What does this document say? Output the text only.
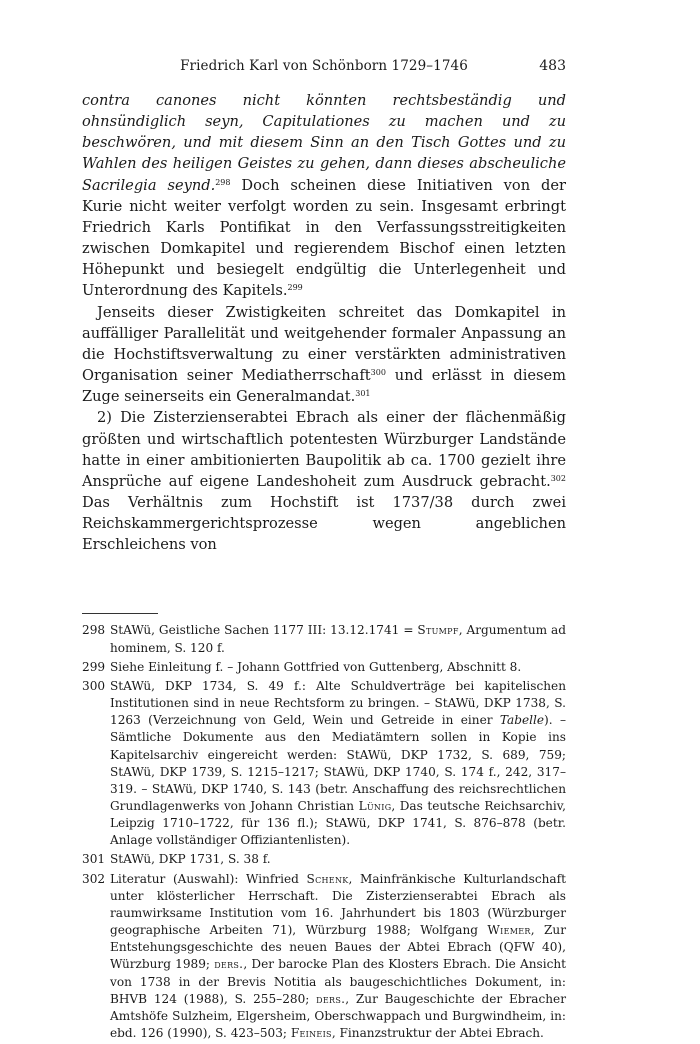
Friedrich Karl von Schönborn 1729–1746	483

contra canones nicht könnten rechtsbeständig und ohnsündiglich seyn, Capitulationes zu machen und zu beschwören, und mit diesem Sinn an den Tisch Gottes und zu Wahlen des heiligen Geistes zu gehen, dann dieses abscheuliche Sacrilegia seynd.$^{298}$ Doch scheinen diese Initiativen von der Kurie nicht weiter verfolgt worden zu sein. Insgesamt erbringt Friedrich Karls Pontifikat in den Verfassungsstreitigkeiten zwischen Domkapitel und regierendem Bischof einen letzten Höhepunkt und besiegelt endgültig die Unterlegenheit und Unterordnung des Kapitels.$^{299}$

Jenseits dieser Zwistigkeiten schreitet das Domkapitel in auffälliger Parallelität und weitgehender formaler Anpassung an die Hochstiftsverwaltung zu einer verstärkten administrativen Organisation seiner Mediatherrschaft$^{300}$ und erlässt in diesem Zuge seinerseits ein Generalmandat.$^{301}$

2) Die Zisterzienserabtei Ebrach als einer der flächenmäßig größten und wirtschaftlich potentesten Würzburger Landstände hatte in einer ambitionierten Baupolitik ab ca. 1700 gezielt ihre Ansprüche auf eigene Landeshoheit zum Ausdruck gebracht.$^{302}$ Das Verhältnis zum Hochstift ist 1737/38 durch zwei Reichskammergerichtsprozesse wegen angeblichen Erschleichens von

298 StAWü, Geistliche Sachen 1177 III: 13.12.1741 = Stumpf, Argumentum ad hominem, S. 120 f.
299 Siehe Einleitung f. – Johann Gottfried von Guttenberg, Abschnitt 8.
300 StAWü, DKP 1734, S. 49 f.: Alte Schuldverträge bei kapitelischen Institutionen sind in neue Rechtsform zu bringen. – StAWü, DKP 1738, S. 1263 (Verzeichnung von Geld, Wein und Getreide in einer Tabelle). – Sämtliche Dokumente aus den Mediatämtern sollen in Kopie ins Kapitelsarchiv eingereicht werden: StAWü, DKP 1732, S. 689, 759; StAWü, DKP 1739, S. 1215–1217; StAWü, DKP 1740, S. 174 f., 242, 317–319. – StAWü, DKP 1740, S. 143 (betr. Anschaffung des reichsrechtlichen Grundlagenwerks von Johann Christian Lünig, Das teutsche Reichsarchiv, Leipzig 1710–1722, für 136 fl.); StAWü, DKP 1741, S. 876–878 (betr. Anlage vollständiger Offiziantenlisten).
301 StAWü, DKP 1731, S. 38 f.
302 Literatur (Auswahl): Winfried Schenk, Mainfränkische Kulturlandschaft unter klösterlicher Herrschaft. Die Zisterzienserabtei Ebrach als raumwirksame Institution vom 16. Jahrhundert bis 1803 (Würzburger geographische Arbeiten 71), Würzburg 1988; Wolfgang Wiemer, Zur Entstehungsgeschichte des neuen Baues der Abtei Ebrach (QFW 40), Würzburg 1989; ders., Der barocke Plan des Klosters Ebrach. Die Ansicht von 1738 in der Brevis Notitia als baugeschichtliches Dokument, in: BHVB 124 (1988), S. 255–280; ders., Zur Baugeschichte der Ebracher Amtshöfe Sulzheim, Elgersheim, Oberschwappach und Burgwindheim, in: ebd. 126 (1990), S. 423–503; Feineis, Finanzstruktur der Abtei Ebrach.
